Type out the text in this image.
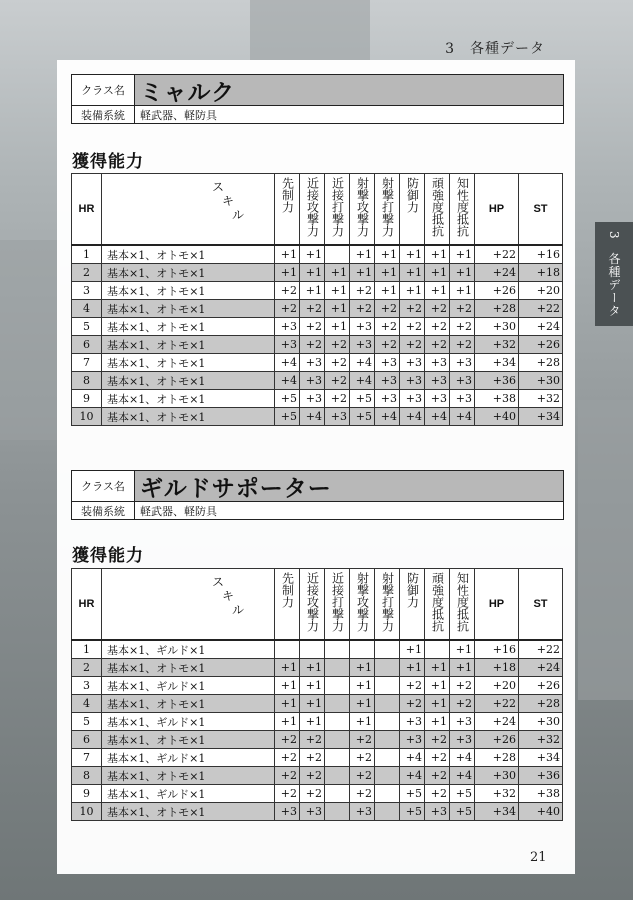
3　各種データ
3　各種データ
クラス名 ミャルク
装備系統	軽武器、軽防具
獲得能力
HR	ス
キ
ル	先制力	近接攻撃力	近接打撃力	射撃攻撃力	射撃打撃力	防御力	頑強度抵抗	知性度抵抗	HP	ST
1	基本×1、オトモ×1	+1	+1		+1	+1	+1	+1	+1	+22	+16
2	基本×1、オトモ×1	+1	+1	+1	+1	+1	+1	+1	+1	+24	+18
3	基本×1、オトモ×1	+2	+1	+1	+2	+1	+1	+1	+1	+26	+20
4	基本×1、オトモ×1	+2	+2	+1	+2	+2	+2	+2	+2	+28	+22
5	基本×1、オトモ×1	+3	+2	+1	+3	+2	+2	+2	+2	+30	+24
6	基本×1、オトモ×1	+3	+2	+2	+3	+2	+2	+2	+2	+32	+26
7	基本×1、オトモ×1	+4	+3	+2	+4	+3	+3	+3	+3	+34	+28
8	基本×1、オトモ×1	+4	+3	+2	+4	+3	+3	+3	+3	+36	+30
9	基本×1、オトモ×1	+5	+3	+2	+5	+3	+3	+3	+3	+38	+32
10	基本×1、オトモ×1	+5	+4	+3	+5	+4	+4	+4	+4	+40	+34
クラス名 ギルドサポーター
装備系統	軽武器、軽防具
獲得能力
HR	ス
キ
ル	先制力	近接攻撃力	近接打撃力	射撃攻撃力	射撃打撃力	防御力	頑強度抵抗	知性度抵抗	HP	ST
1	基本×1、ギルド×1						+1		+1	+16	+22
2	基本×1、オトモ×1	+1	+1		+1		+1	+1	+1	+18	+24
3	基本×1、ギルド×1	+1	+1		+1		+2	+1	+2	+20	+26
4	基本×1、オトモ×1	+1	+1		+1		+2	+1	+2	+22	+28
5	基本×1、ギルド×1	+1	+1		+1		+3	+1	+3	+24	+30
6	基本×1、オトモ×1	+2	+2		+2		+3	+2	+3	+26	+32
7	基本×1、ギルド×1	+2	+2		+2		+4	+2	+4	+28	+34
8	基本×1、オトモ×1	+2	+2		+2		+4	+2	+4	+30	+36
9	基本×1、ギルド×1	+2	+2		+2		+5	+2	+5	+32	+38
10	基本×1、オトモ×1	+3	+3		+3		+5	+3	+5	+34	+40
21
